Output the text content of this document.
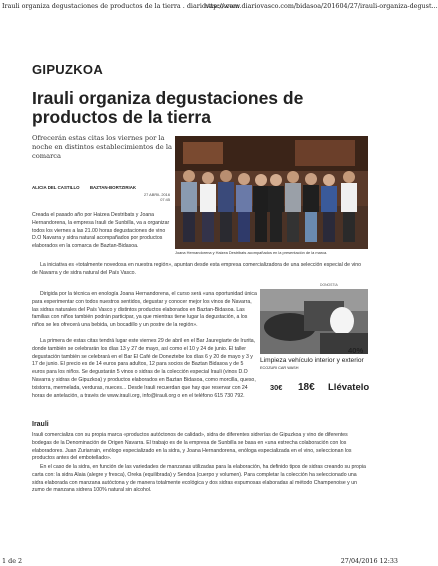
Irauli organiza degustaciones de productos de la tierra . diariovasco.com
http://www.diariovasco.com/bidasoa/201604/27/irauli-organiza-degust...
GIPUZKOA
Irauli organiza degustaciones de productos de la tierra
Ofrecerán estas citas los viernes por la noche en distintos establecimientos de la comarca
ALICIA DEL CASTILLO BAZTAN-BORTZIRIAK
27 ABRIL 2016
07:45
Joana Hernandorena y Haizea Destribats acompañados en la presentación de la marca.

Creada el pasado año por Haizea Destribats y Joana Hernandorena, la empresa Irauli de Sunbilla, va a organizar todos los viernes a las 21.00 horas degustaciones de vino D.O Navarra y sidra natural acompañados por productos elaborados en la comarca de Baztan-Bidasoa.

La iniciativa es «totalmente novedosa en nuestra región», apuntan desde esta empresa comercializadora de una selección especial de vino de Navarra y de sidra natural del País Vasco.

Dirigida por la técnica en enología Joana Hernandorena, el curso será «una oportunidad única para experimentar con todos nuestros sentidos, degustar y conocer mejor los vinos de Navarra, las sidras naturales del País Vasco y distintos productos elaborados en Baztan-Bidasoa. Las familias con niños también podrán participar, ya que mientras tiene lugar la degustación, a los niños se les ofrecerá una bebida, un bocadillo y un postre de la región».

La primera de estas citas tendrá lugar este viernes 29 de abril en el Bar Jauregiarte de Irurita, donde también se celebrarán los días 13 y 27 de mayo, así como el 10 y 24 de junio. El taller degustación también se celebrará en el Bar El Café de Doneztebe los días 6 y 20 de mayo y 3 y 17 de junio. El precio es de 14 euros para adultos, 12 para socios de Baztan Bidasoa y de 5 euros para los niños. Se degustarán 5 vinos o sidras de la colección especial Irauli (vinos D.O Navarra y sidras de Gipuzkoa) y productos elaborados en Baztan Bidasoa, como morcilla, queso, txistorra, mermelada, verduras, nueces... Desde Irauli recuerdan que hay que reservar con 24 horas de antelación, a través de www.irauli.org, info@irauli.org o en el teléfono 615 730 792.

Irauli

Irauli comercializa con su propia marca «productos autóctonos de calidad», sidra de diferentes sidrerías de Gipuzkoa y vino de diferentes bodegas de la Denominación de Origen Navarra. El trabajo es de la empresa de Sunbilla se basa en «una estrecha colaboración con los elaboradores. Juan Zuriarrain, enólogo especializado en la sidra, y Joana Hernandorena, enóloga especializada en el vino, seleccionan los productos antes del embotellado».

En el caso de la sidra, en función de las variedades de manzanas utilizadas para la elaboración, ha definido tipos de sidras creando su propia carta con: la sidra Alaia (alegre y fresca), Oreka (equilibrada) y Sendoa (cuerpo y volumen). Para completar la colección ha seleccionado una sidra elaborada con manzana autóctona y de manera totalmente ecológica y dos sidras espumosas elaboradas al método Champenoise y un zumo de manzana sidrera 100% natural sin alcohol.

DONOSTIA
40%
Limpieza vehículo interior y exterior
ECOZURI CAR WASH
30€ 18€ Llévatelo
1 de 2	27/04/2016 12:33
